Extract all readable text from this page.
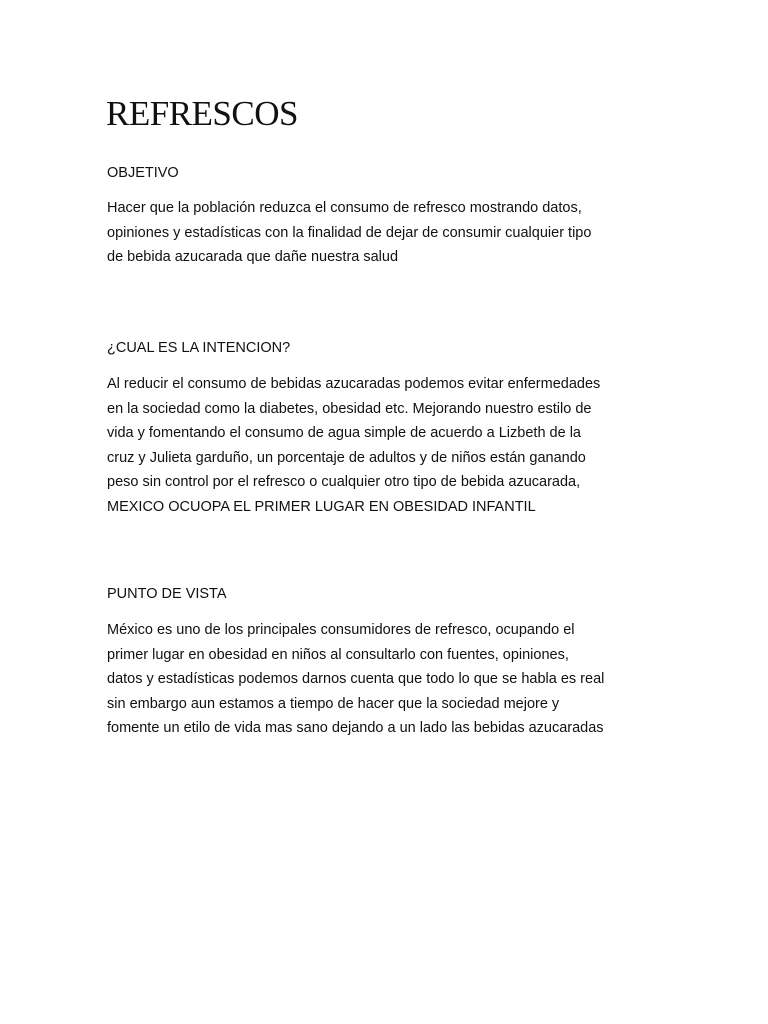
REFRESCOS
OBJETIVO

Hacer que la población reduzca el consumo de refresco mostrando datos,
opiniones y estadísticas con la finalidad de dejar de consumir cualquier tipo
de bebida azucarada que dañe nuestra salud

¿CUAL ES LA INTENCION?

Al reducir el consumo de bebidas azucaradas podemos evitar enfermedades
en la sociedad como la diabetes, obesidad etc. Mejorando nuestro estilo de
vida y fomentando el consumo de agua simple de acuerdo a Lizbeth de la
cruz y Julieta garduño, un porcentaje de adultos y de niños están ganando
peso sin control por el refresco o cualquier otro tipo de bebida azucarada,
MEXICO OCUOPA EL PRIMER LUGAR EN OBESIDAD INFANTIL

PUNTO DE VISTA

México es uno de los principales consumidores de refresco, ocupando el
primer lugar en obesidad en niños al consultarlo con fuentes, opiniones,
datos y estadísticas podemos darnos cuenta que todo lo que se habla es real
sin embargo aun estamos a tiempo de hacer que la sociedad mejore y
fomente un etilo de vida mas sano dejando a un lado las bebidas azucaradas
